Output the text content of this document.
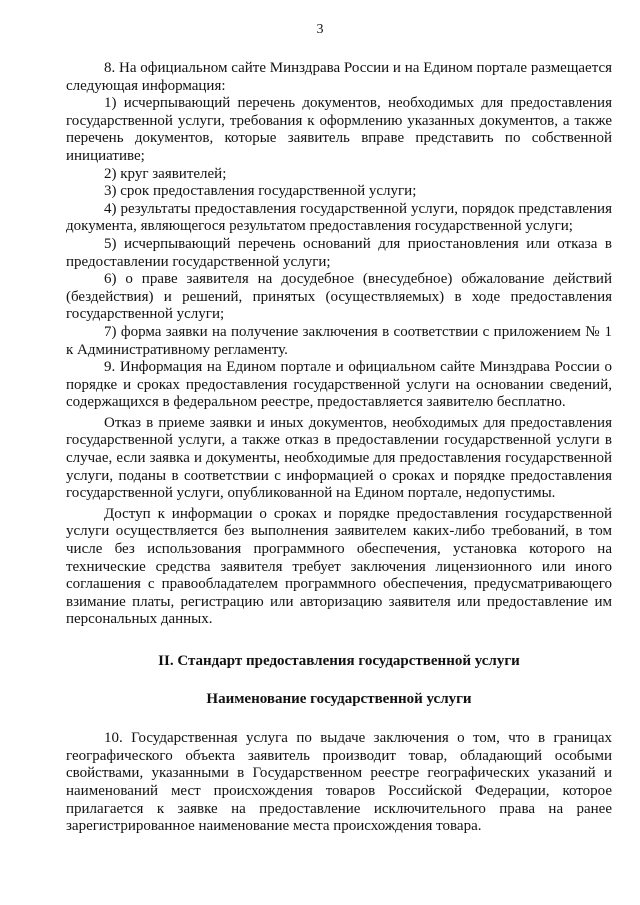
3

8. На официальном сайте Минздрава России и на Едином портале размещается следующая информация:

1) исчерпывающий перечень документов, необходимых для предоставления государственной услуги, требования к оформлению указанных документов, а также перечень документов, которые заявитель вправе представить по собственной инициативе;

2) круг заявителей;

3) срок предоставления государственной услуги;

4) результаты предоставления государственной услуги, порядок представления документа, являющегося результатом предоставления государственной услуги;

5) исчерпывающий перечень оснований для приостановления или отказа в предоставлении государственной услуги;

6) о праве заявителя на досудебное (внесудебное) обжалование действий (бездействия) и решений, принятых (осуществляемых) в ходе предоставления государственной услуги;

7) форма заявки на получение заключения в соответствии с приложением № 1 к Административному регламенту.

9. Информация на Едином портале и официальном сайте Минздрава России о порядке и сроках предоставления государственной услуги на основании сведений, содержащихся в федеральном реестре, предоставляется заявителю бесплатно.

Отказ в приеме заявки и иных документов, необходимых для предоставления государственной услуги, а также отказ в предоставлении государственной услуги в случае, если заявка и документы, необходимые для предоставления государственной услуги, поданы в соответствии с информацией о сроках и порядке предоставления государственной услуги, опубликованной на Едином портале, недопустимы.

Доступ к информации о сроках и порядке предоставления государственной услуги осуществляется без выполнения заявителем каких-либо требований, в том числе без использования программного обеспечения, установка которого на технические средства заявителя требует заключения лицензионного или иного соглашения с правообладателем программного обеспечения, предусматривающего взимание платы, регистрацию или авторизацию заявителя или предоставление им персональных данных.

II. Стандарт предоставления государственной услуги

Наименование государственной услуги

10. Государственная услуга по выдаче заключения о том, что в границах географического объекта заявитель производит товар, обладающий особыми свойствами, указанными в Государственном реестре географических указаний и наименований мест происхождения товаров Российской Федерации, которое прилагается к заявке на предоставление исключительного права на ранее зарегистрированное наименование места происхождения товара.
